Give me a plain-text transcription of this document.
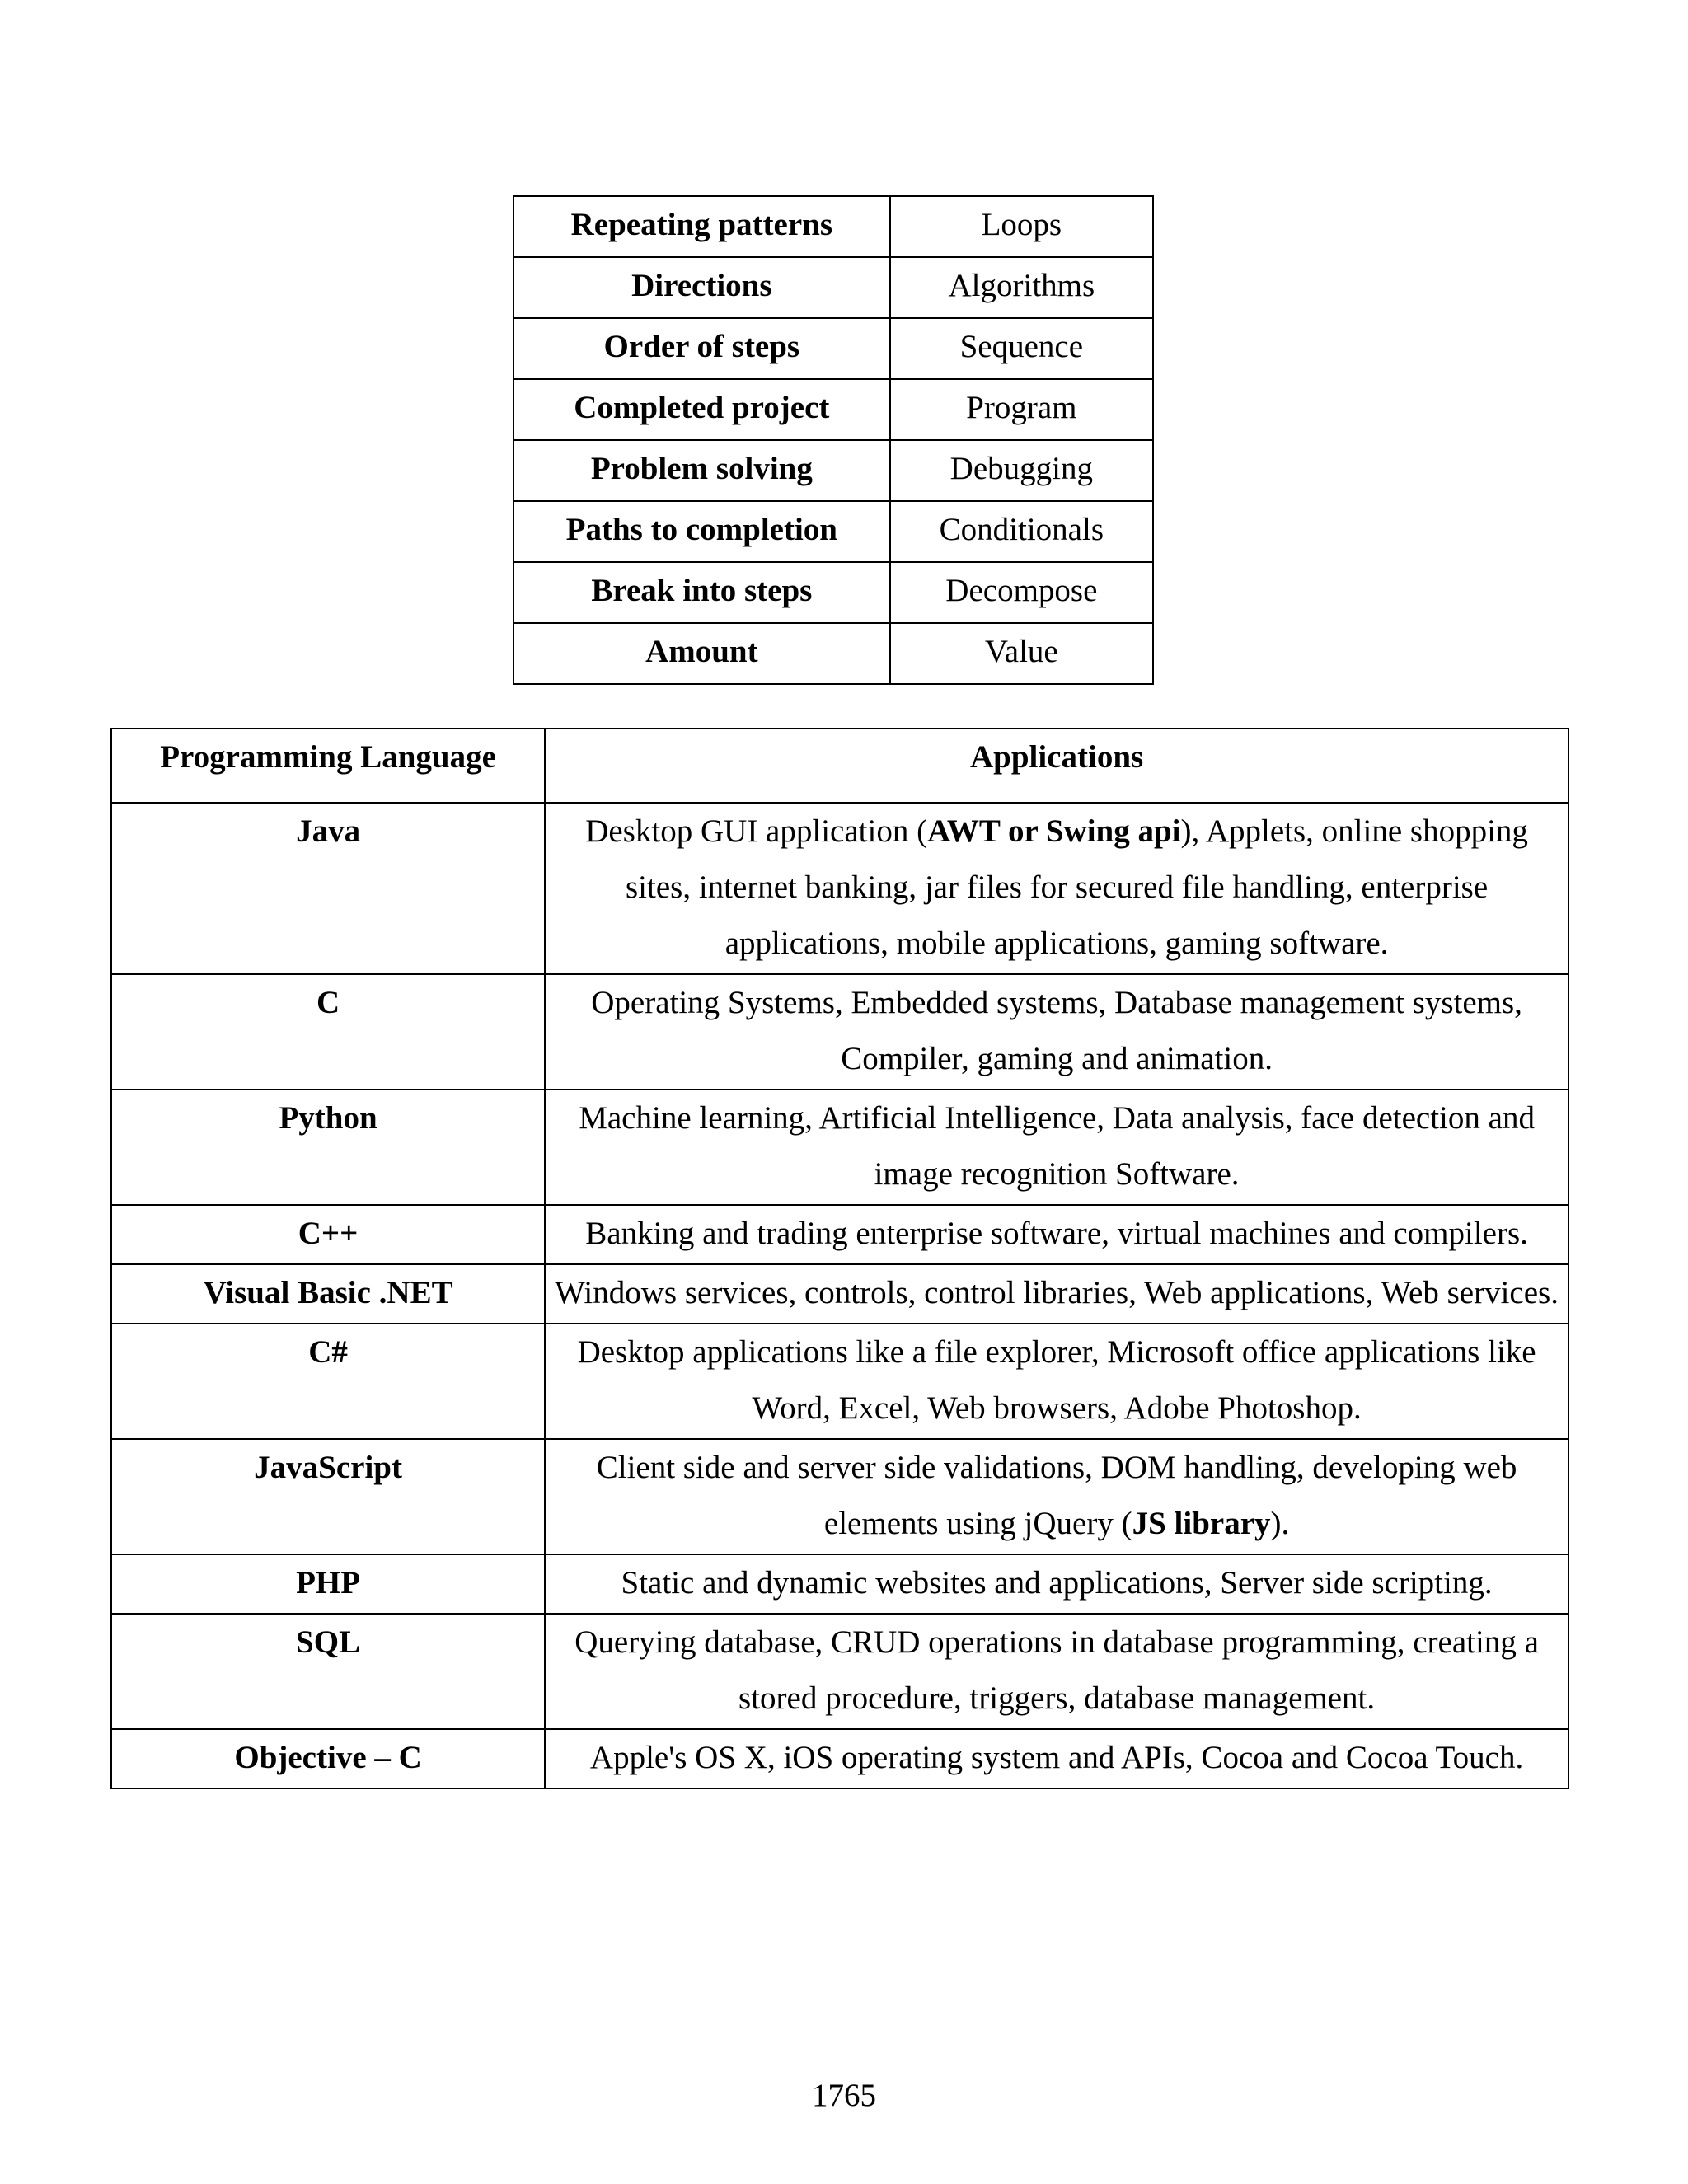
Repeating patterns	Loops
Directions	Algorithms
Order of steps	Sequence
Completed project	Program
Problem solving	Debugging
Paths to completion	Conditionals
Break into steps	Decompose
Amount	Value
Programming Language	Applications
Java	Desktop GUI application (AWT or Swing api), Applets, online shopping sites, internet banking, jar files for secured file handling, enterprise applications, mobile applications, gaming software.
C	Operating Systems, Embedded systems, Database management systems, Compiler, gaming and animation.
Python	Machine learning, Artificial Intelligence, Data analysis, face detection and image recognition Software.
C++	Banking and trading enterprise software, virtual machines and compilers.
Visual Basic .NET	Windows services, controls, control libraries, Web applications, Web services.
C#	Desktop applications like a file explorer, Microsoft office applications like Word, Excel, Web browsers, Adobe Photoshop.
JavaScript	Client side and server side validations, DOM handling, developing web elements using jQuery (JS library).
PHP	Static and dynamic websites and applications, Server side scripting.
SQL	Querying database, CRUD operations in database programming, creating a stored procedure, triggers, database management.
Objective – C	Apple's OS X, iOS operating system and APIs, Cocoa and Cocoa Touch.
1765
